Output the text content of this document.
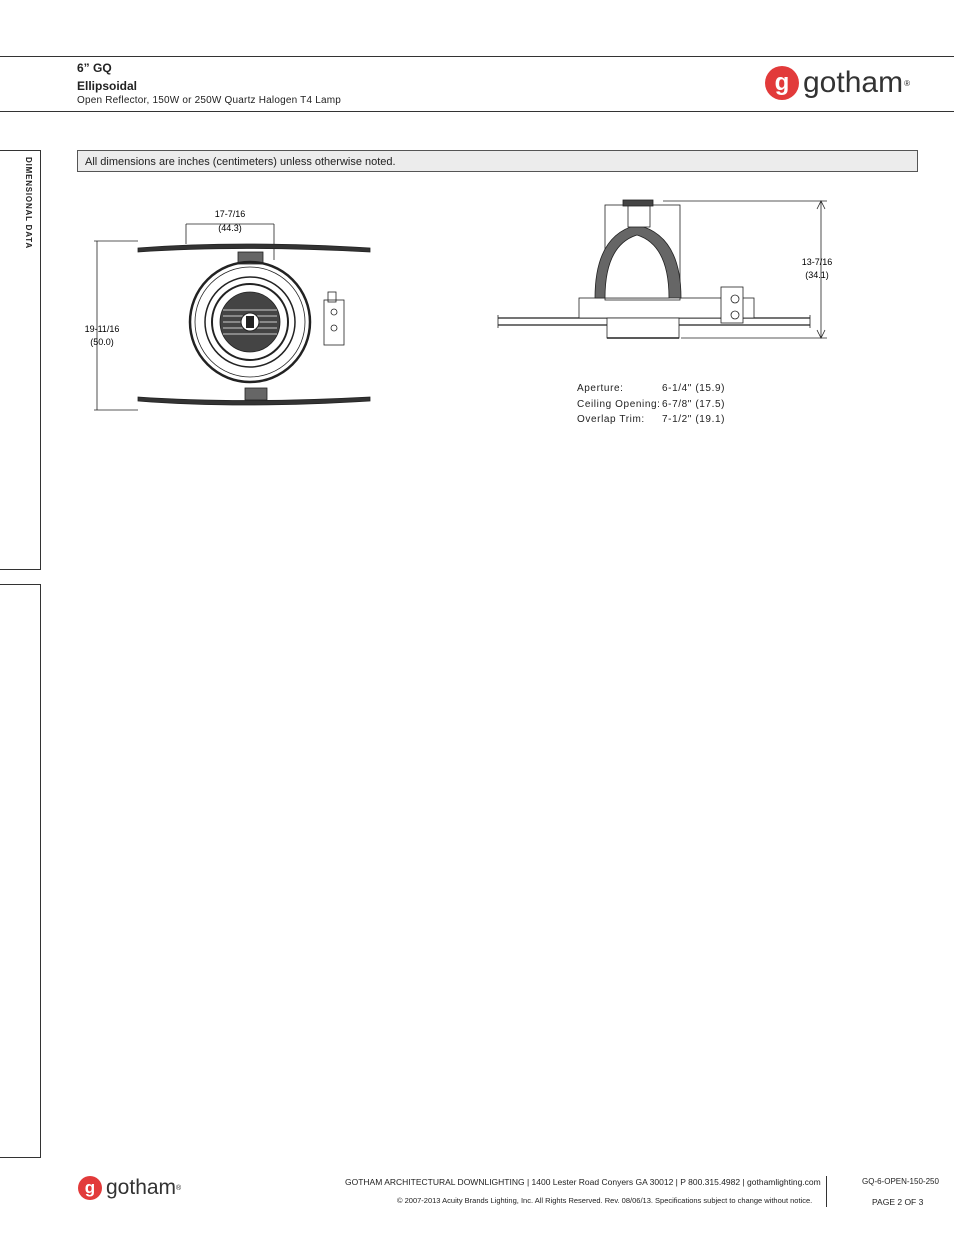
6” GQ
Ellipsoidal
Open Reflector, 150W or 250W Quartz Halogen T4 Lamp
g gotham ®
DIMENSIONAL DATA	All dimensions are inches (centimeters) unless otherwise noted.
17-7/16
(44.3)
19-11/16
(50.0)
13-7/16
(34.1)
Aperture:	6-1/4" (15.9)
Ceiling Opening: 6-7/8" (17.5)
Overlap Trim:	7-1/2" (19.1)
g gotham ®
GOTHAM ARCHITECTURAL DOWNLIGHTING | 1400 Lester Road Conyers GA 30012 | P 800.315.4982 | gothamlighting.com
© 2007-2013 Acuity Brands Lighting, Inc. All Rights Reserved. Rev. 08/06/13. Specifications subject to change without notice.
GQ-6-OPEN-150-250
PAGE 2 OF 3
